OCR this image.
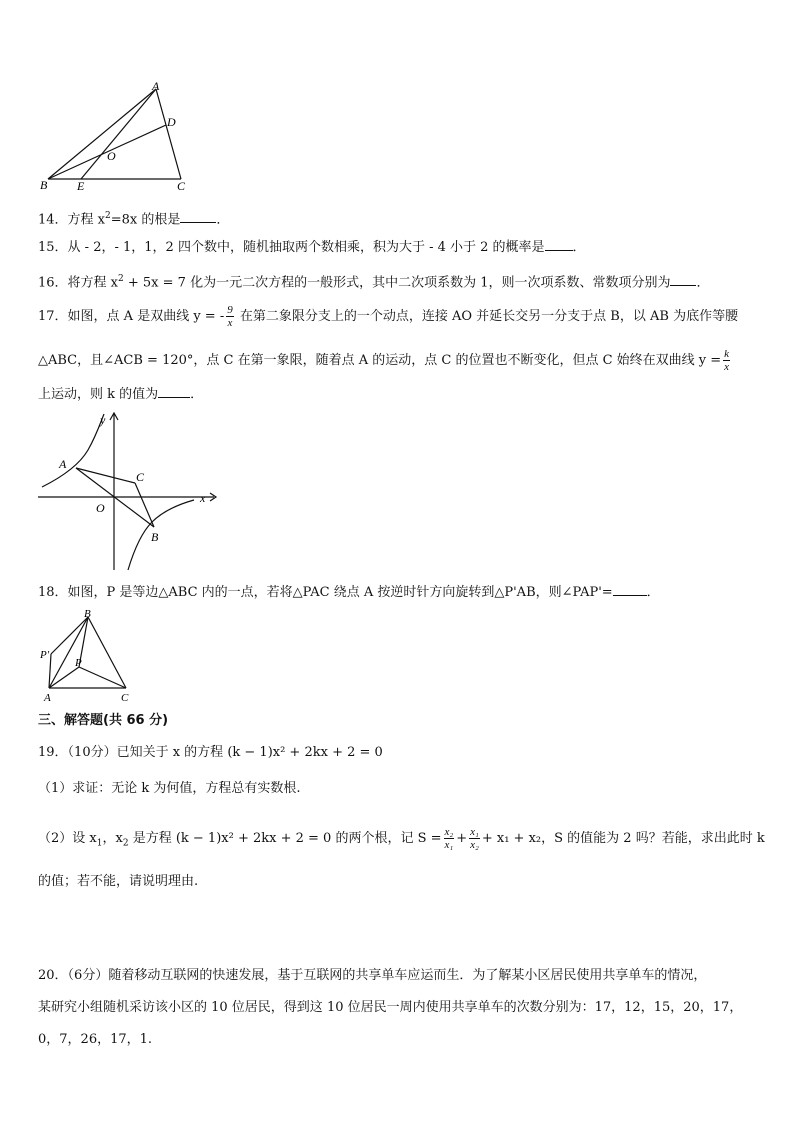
A
D
O
B E	C
14．方程 $x^2=8x$ 的根是	．
15．从 - 2，- 1，1，2 四个数中，随机抽取两个数相乘，积为大于 - 4 小于 2 的概率是 ．
16．将方程 $x^2 + 5x = 7$ 化为一元二次方程的一般形式，其中二次项系数为 1，则一次项系数、常数项分别为 ．
17．如图，点 A 是双曲线 y = - $\frac{9}{x}$ 在第二象限分支上的一个动点，连接 AO 并延长交另一分支于点 B，以 AB 为底作等腰
△ABC，且∠ACB = 120°，点 C 在第一象限，随着点 A 的运动，点 C 的位置也不断变化，但点 C 始终在双曲线 $y = \frac{k}{x}$
上运动，则 k 的值为 ．
x
y
A
C
O
B
18．如图，P 是等边△ABC 内的一点，若将△PAC 绕点 A 按逆时针方向旋转到△P'AB，则∠PAP'=	．
B
P'
P
A	C
三、解答题(共 66 分)
19．（10分）已知关于 x 的方程 (k − 1)x² + 2kx + 2 = 0
（1）求证：无论 k 为何值，方程总有实数根.
（2）设 $x_1$，$x_2$ 是方程 (k − 1)x² + 2kx + 2 = 0 的两个根，记 $S = \frac{\text{x₂}}{\text{x₁}} + \frac{\text{x₁}}{\text{x₂}} + x_1 + x_2$，S 的值能为 2 吗？若能，求出此时 k
的值；若不能，请说明理由.
20．（6分）随着移动互联网的快速发展，基于互联网的共享单车应运而生．为了解某小区居民使用共享单车的情况，
某研究小组随机采访该小区的 10 位居民，得到这 10 位居民一周内使用共享单车的次数分别为：17，12，15，20，17，
0，7，26，17，1.
